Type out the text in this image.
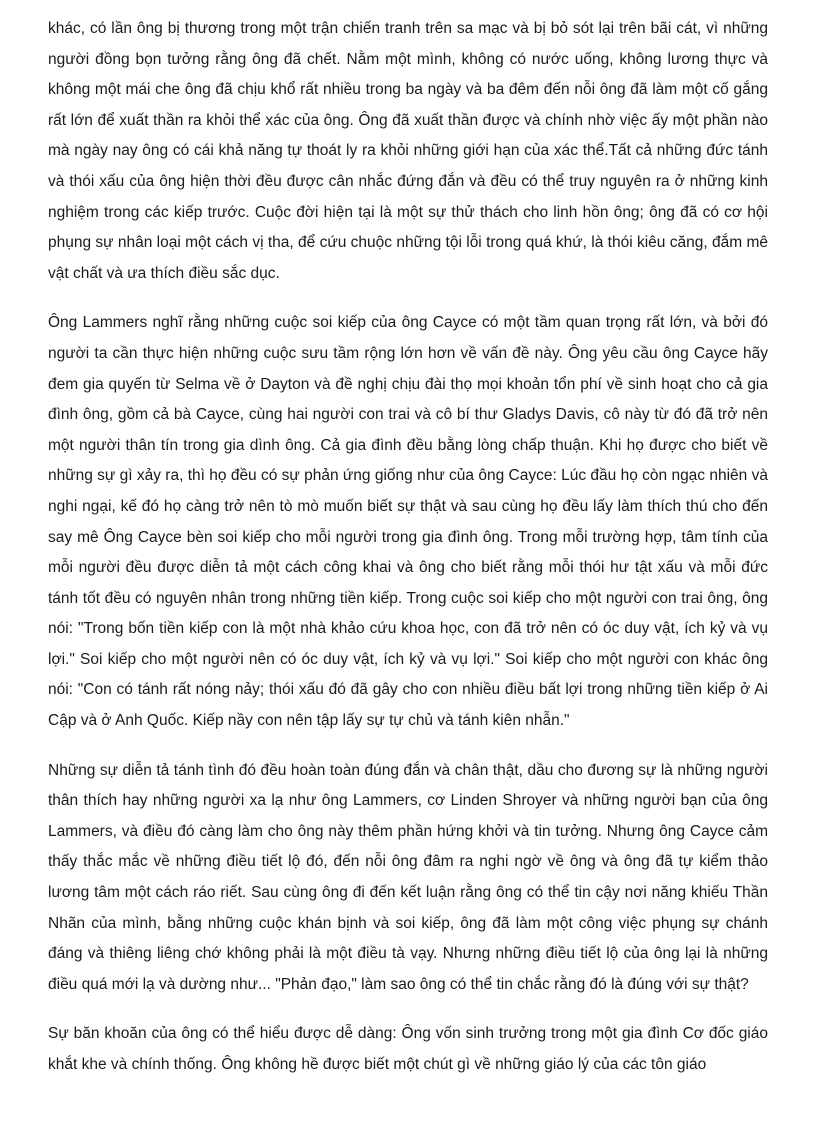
khác, có lần ông bị thương trong một trận chiến tranh trên sa mạc và bị bỏ sót lại trên bãi cát, vì những người đồng bọn tưởng rằng ông đã chết. Nằm một mình, không có nước uống, không lương thực và không một mái che ông đã chịu khổ rất nhiều trong ba ngày và ba đêm đến nỗi ông đã làm một cố gắng rất lớn để xuất thần ra khỏi thể xác của ông. Ông đã xuất thần được và chính nhờ việc ấy một phần nào mà ngày nay ông có cái khả năng tự thoát ly ra khỏi những giới hạn của xác thể.Tất cả những đức tánh và thói xấu của ông hiện thời đều được cân nhắc đứng đắn và đều có thể truy nguyên ra ở những kinh nghiệm trong các kiếp trước. Cuộc đời hiện tại là một sự thử thách cho linh hồn ông; ông đã có cơ hội phụng sự nhân loại một cách vị tha, để cứu chuộc những tội lỗi trong quá khứ, là thói kiêu căng, đắm mê vật chất và ưa thích điều sắc dục.

Ông Lammers nghĩ rằng những cuộc soi kiếp của ông Cayce có một tầm quan trọng rất lớn, và bởi đó người ta cần thực hiện những cuộc sưu tầm rộng lớn hơn về vấn đề này. Ông yêu cầu ông Cayce hãy đem gia quyến từ Selma về ở Dayton và đề nghị chịu đài thọ mọi khoản tổn phí về sinh hoạt cho cả gia đình ông, gồm cả bà Cayce, cùng hai người con trai và cô bí thư Gladys Davis, cô này từ đó đã trở nên một người thân tín trong gia dình ông. Cả gia đình đều bằng lòng chấp thuận. Khi họ được cho biết về những sự gì xảy ra, thì họ đều có sự phản ứng giống như của ông Cayce: Lúc đầu họ còn ngạc nhiên và nghi ngại, kế đó họ càng trở nên tò mò muốn biết sự thật và sau cùng họ đều lấy làm thích thú cho đến say mê Ông Cayce bèn soi kiếp cho mỗi người trong gia đình ông. Trong mỗi trường hợp, tâm tính của mỗi người đều được diễn tả một cách công khai và ông cho biết rằng mỗi thói hư tật xấu và mỗi đức tánh tốt đều có nguyên nhân trong những tiền kiếp. Trong cuộc soi kiếp cho một người con trai ông, ông nói: "Trong bốn tiền kiếp con là một nhà khảo cứu khoa học, con đã trở nên có óc duy vật, ích kỷ và vụ lợi." Soi kiếp cho một người nên có óc duy vật, ích kỷ và vụ lợi." Soi kiếp cho một người con khác ông nói: "Con có tánh rất nóng nảy; thói xấu đó đã gây cho con nhiều điều bất lợi trong những tiền kiếp ở Ai Cập và ở Anh Quốc. Kiếp nầy con nên tập lấy sự tự chủ và tánh kiên nhẫn."

Những sự diễn tả tánh tình đó đều hoàn toàn đúng đắn và chân thật, dầu cho đương sự là những người thân thích hay những người xa lạ như ông Lammers, cơ Linden Shroyer và những người bạn của ông Lammers, và điều đó càng làm cho ông này thêm phần hứng khởi và tin tưởng. Nhưng ông Cayce cảm thấy thắc mắc về những điều tiết lộ đó, đến nỗi ông đâm ra nghi ngờ về ông và ông đã tự kiểm thảo lương tâm một cách ráo riết. Sau cùng ông đi đến kết luận rằng ông có thể tin cậy nơi năng khiếu Thần Nhãn của mình, bằng những cuộc khán bịnh và soi kiếp, ông đã làm một công việc phụng sự chánh đáng và thiêng liêng chớ không phải là một điều tà vạy. Nhưng những điều tiết lộ của ông lại là những điều quá mới lạ và dường như... "Phản đạo," làm sao ông có thể tin chắc rằng đó là đúng với sự thật?

Sự băn khoăn của ông có thể hiểu được dễ dàng: Ông vốn sinh trưởng trong một gia đình Cơ đốc giáo khắt khe và chính thống. Ông không hề được biết một chút gì về những giáo lý của các tôn giáo
